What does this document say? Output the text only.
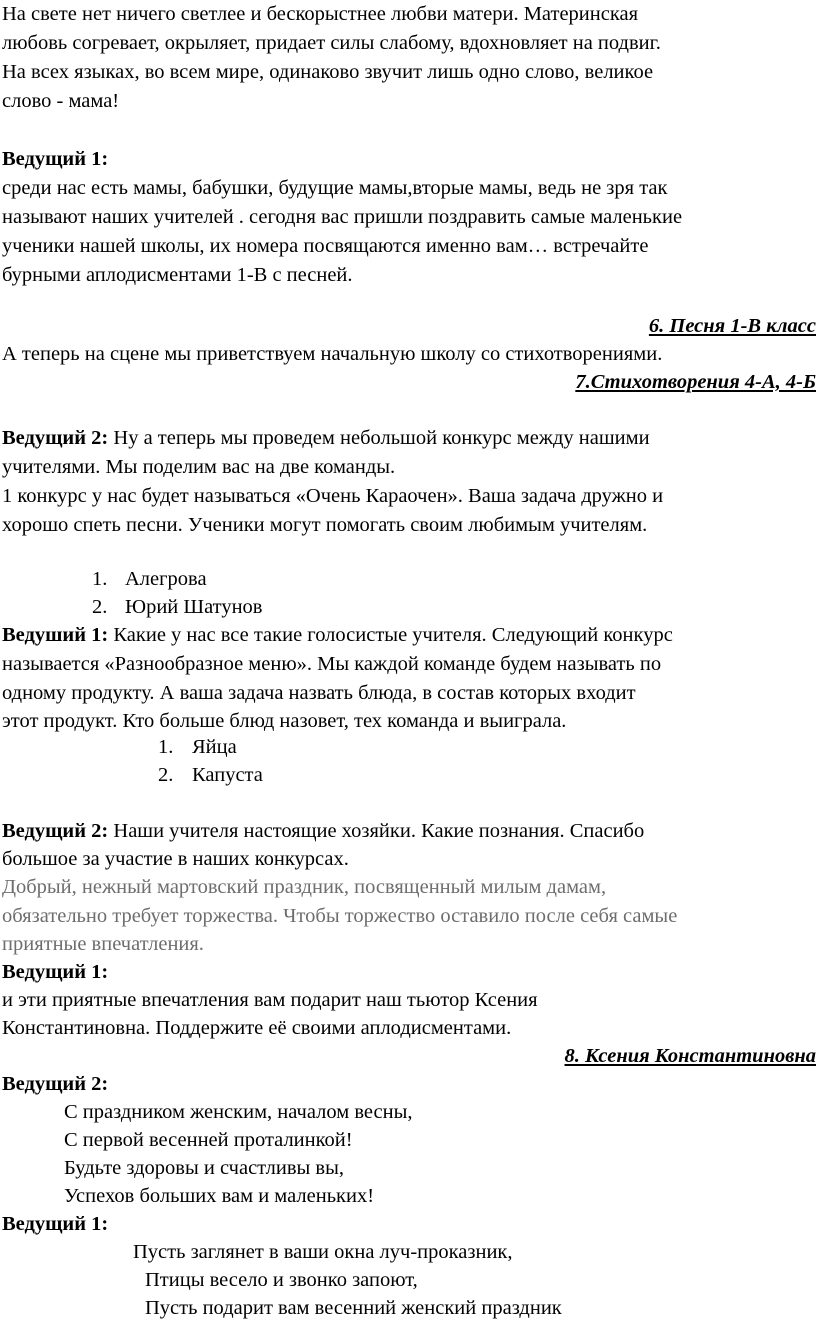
На свете нет ничего светлее и бескорыстнее любви матери. Материнская
любовь согревает, окрыляет, придает силы слабому, вдохновляет на подвиг.
На всех языках, во всем мире, одинаково звучит лишь одно слово, великое
слово - мама!
Ведущий 1:
среди нас есть мамы, бабушки, будущие мамы,вторые мамы, ведь не зря так
называют наших учителей . сегодня вас пришли поздравить самые маленькие
ученики нашей школы, их номера посвящаются именно вам… встречайте
бурными аплодисментами 1-В с песней.
6. Песня 1-В класс
А теперь на сцене мы приветствуем начальную школу со стихотворениями.
7.Стихотворения 4-А, 4-Б
Ведущий 2: Ну а теперь мы проведем небольшой конкурс между нашими
учителями. Мы поделим вас на две команды.
1 конкурс у нас будет называться «Очень Караочен». Ваша задача дружно и
хорошо спеть песни. Ученики могут помогать своим любимым учителям.
1. Алегрова
2. Юрий Шатунов
Ведуший 1: Какие у нас все такие голосистые учителя. Следующий конкурс
называется «Разнообразное меню». Мы каждой команде будем называть по
одному продукту. А ваша задача назвать блюда, в состав которых входит
этот продукт. Кто больше блюд назовет, тех команда и выиграла.
1. Яйца
2. Капуста
Ведущий 2: Наши учителя настоящие хозяйки. Какие познания. Спасибо
большое за участие в наших конкурсах.
Добрый, нежный мартовский праздник, посвященный милым дамам,
обязательно требует торжества. Чтобы торжество оставило после себя самые
приятные впечатления.
Ведущий 1:
и эти приятные впечатления вам подарит наш тьютор Ксения
Константиновна. Поддержите её своими аплодисментами.
8. Ксения Константиновна
Ведущий 2:
С праздником женским, началом весны,
С первой весенней проталинкой!
Будьте здоровы и счастливы вы,
Успехов больших вам и маленьких!
Ведущий 1:
Пусть заглянет в ваши окна луч-проказник,
Птицы весело и звонко запоют,
Пусть подарит вам весенний женский праздник
